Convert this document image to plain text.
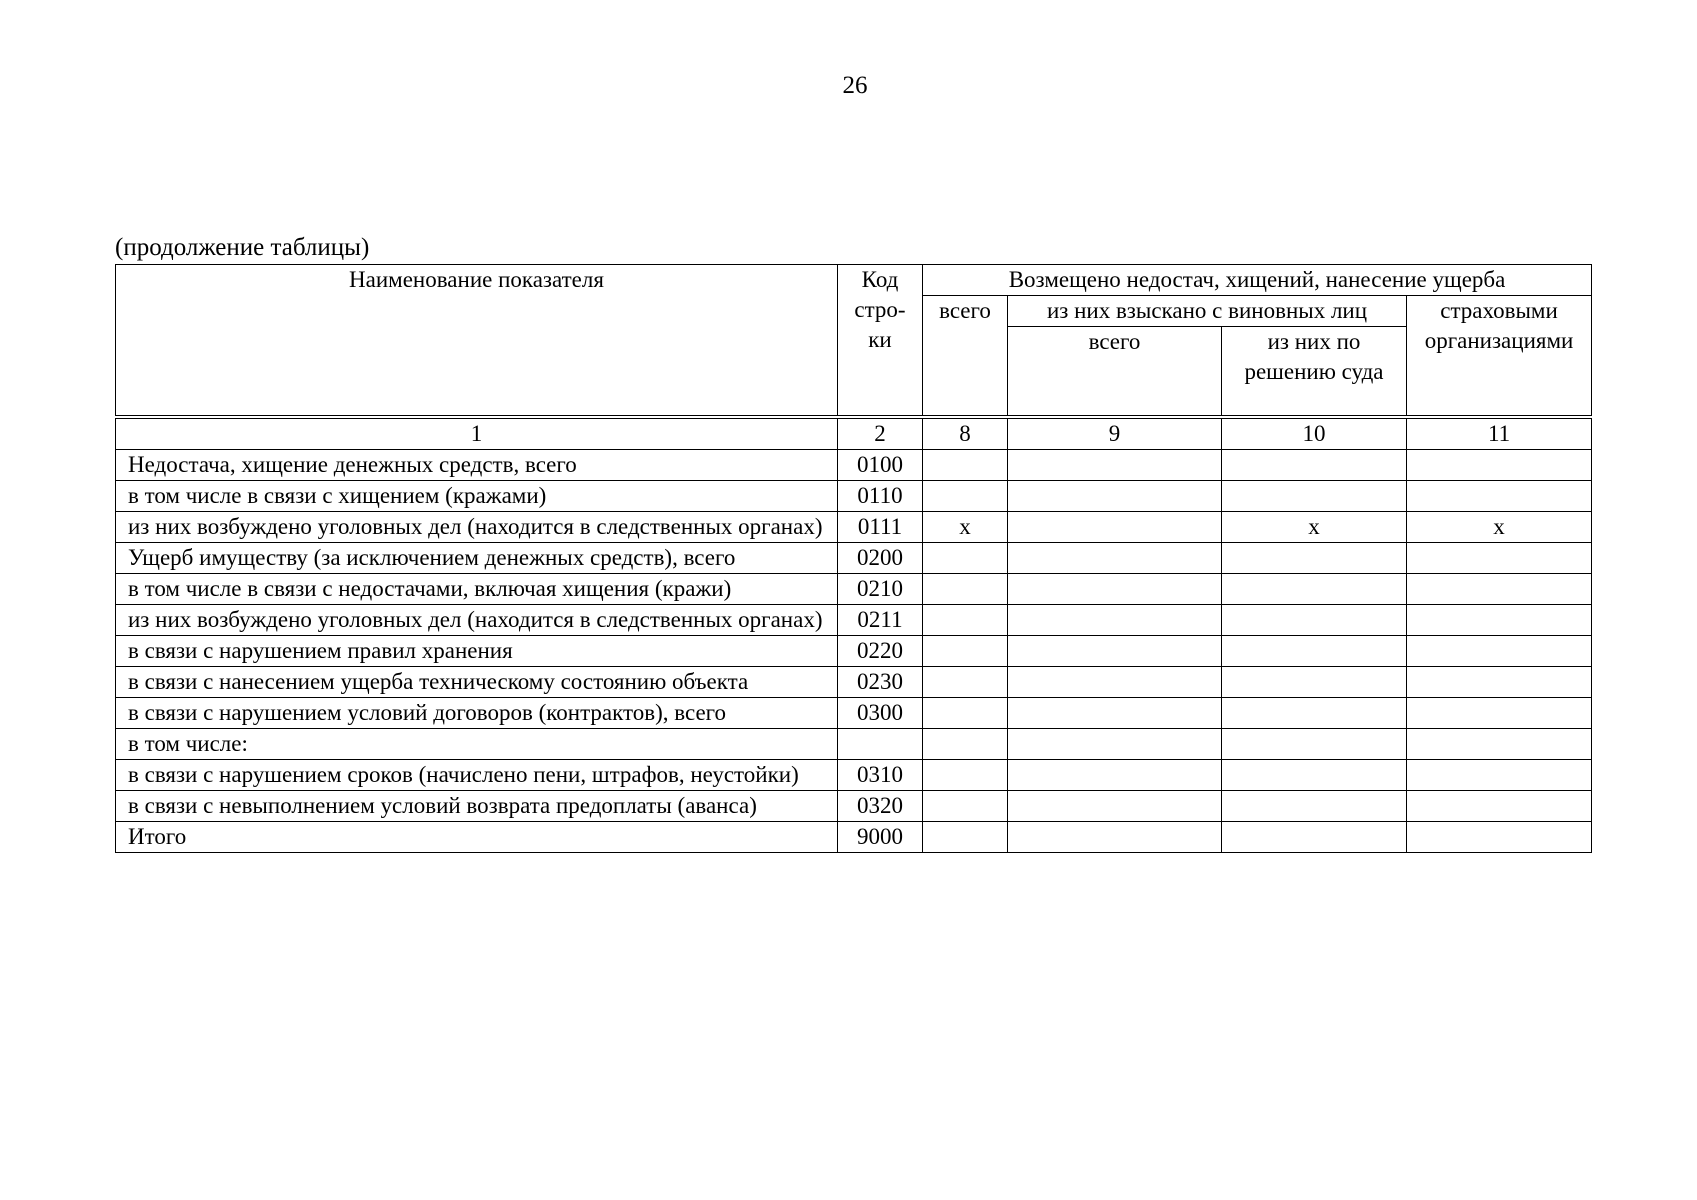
26
(продолжение таблицы)
Наименование показателя	Код стро-ки	Возмещено недостач, хищений, нанесение ущерба			
		всего	из них взыскано с виновных лиц		страховыми организациями
			всего	из них по решению суда	
1	2	8	9	10	11
Недостача, хищение денежных средств, всего	0100				
в том числе в связи с хищением (кражами)	0110				
из них возбуждено уголовных дел (находится в следственных органах)	0111	х		х	х
Ущерб имуществу (за исключением денежных средств), всего	0200				
в том числе в связи с недостачами, включая хищения (кражи)	0210				
из них возбуждено уголовных дел (находится в следственных органах)	0211				
в связи с нарушением правил хранения	0220				
в связи с нанесением ущерба техническому состоянию объекта	0230				
в связи с нарушением условий договоров (контрактов), всего	0300				
в том числе:					
в связи с нарушением сроков (начислено пени, штрафов, неустойки)	0310				
в связи с невыполнением условий возврата предоплаты (аванса)	0320				
Итого	9000				
